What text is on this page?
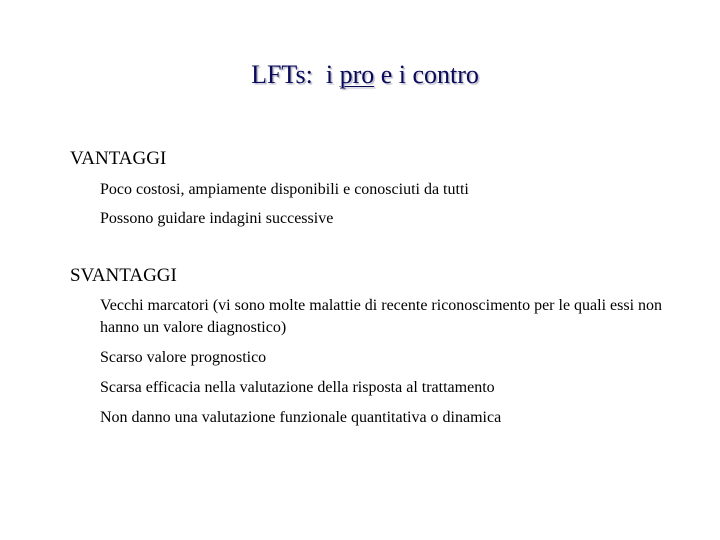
LFTs:  i pro e i contro
VANTAGGI
Poco costosi, ampiamente disponibili e conosciuti da tutti
Possono guidare indagini successive
SVANTAGGI
Vecchi marcatori (vi sono molte malattie di recente riconoscimento per le quali essi non hanno un valore diagnostico)
Scarso valore prognostico
Scarsa efficacia nella valutazione della risposta al trattamento
Non danno una valutazione funzionale quantitativa o dinamica
